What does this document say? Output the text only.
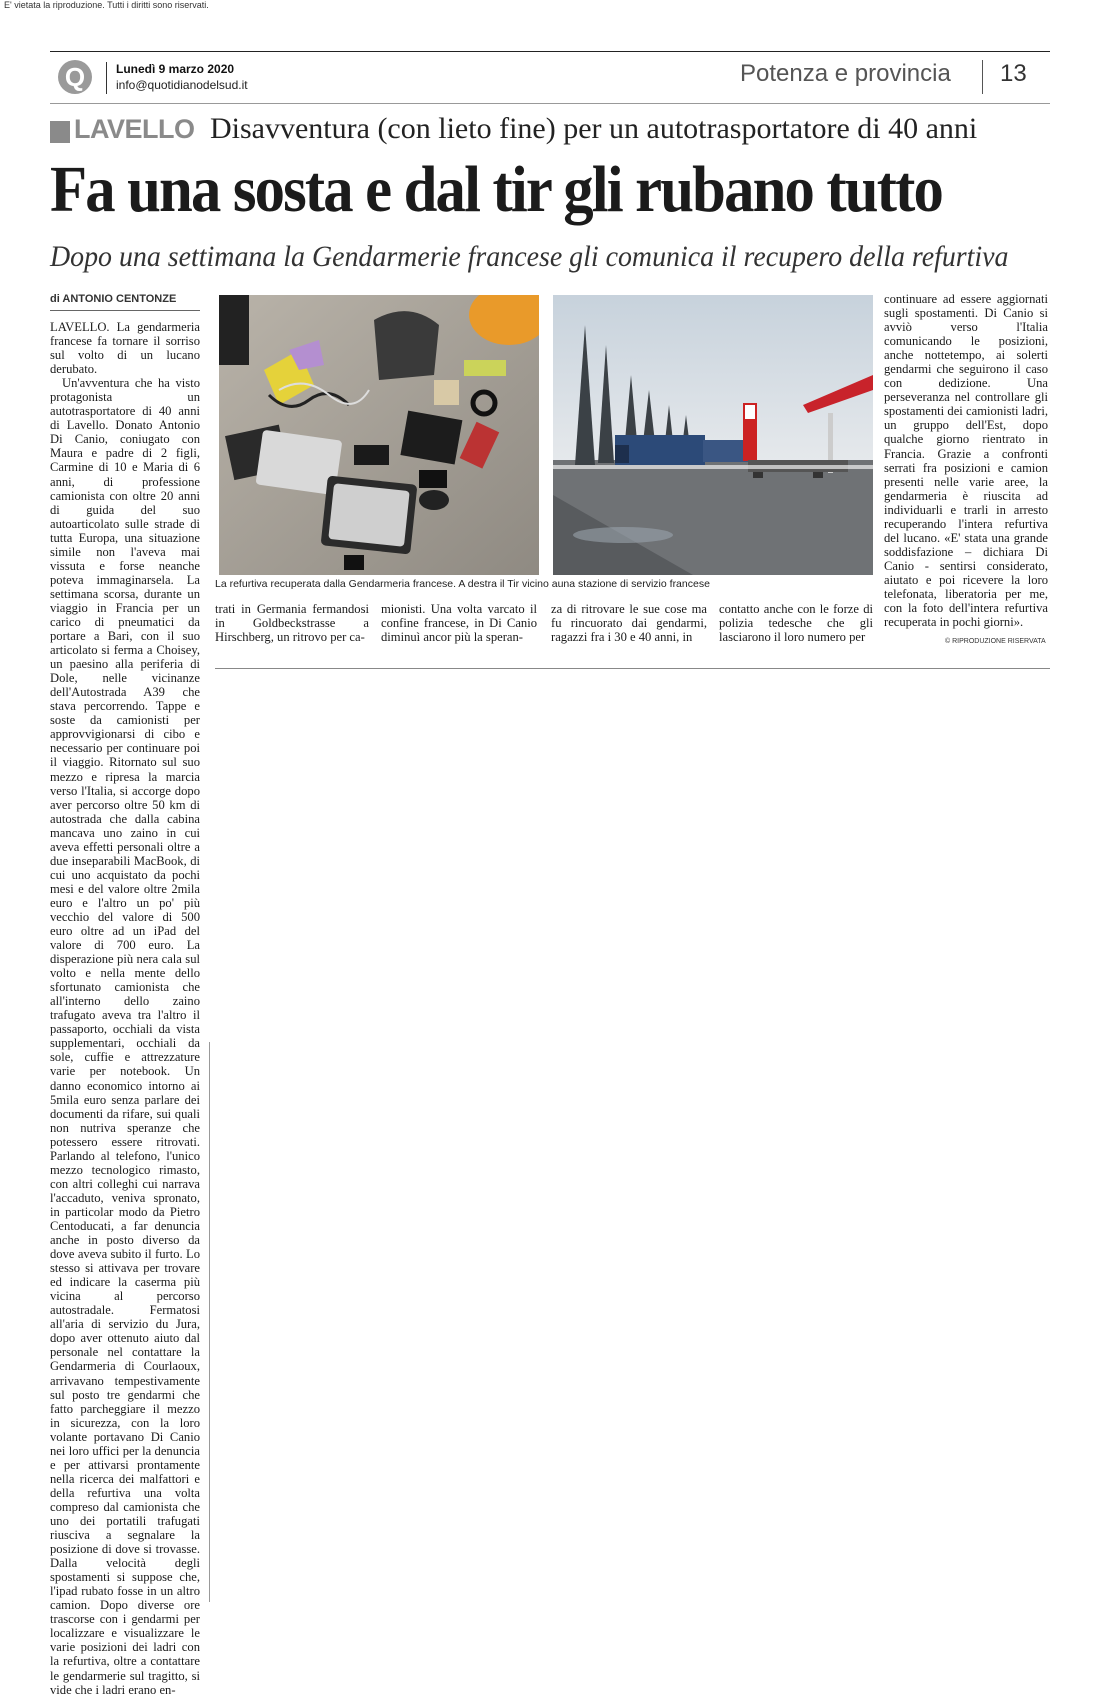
E' vietata la riproduzione. Tutti i diritti sono riservati.
Q	Lunedì 9 marzo 2020
info@quotidianodelsud.it	Potenza e provincia 13
LAVELLO Disavventura (con lieto fine) per un autotrasportatore di 40 anni
Fa una sosta e dal tir gli rubano tutto
Dopo una settimana la Gendarmerie francese gli comunica il recupero della refurtiva
di ANTONIO CENTONZE
La refurtiva recuperata dalla Gendarmeria francese. A destra il Tir vicino auna stazione di servizio francese

LAVELLO. La gendarmeria francese fa tornare il sorriso sul volto di un lucano derubato.

Un'avventura che ha visto protagonista un autotrasportatore di 40 anni di Lavello. Donato Antonio Di Canio, coniugato con Maura e padre di 2 figli, Carmine di 10 e Maria di 6 anni, di professione camionista con oltre 20 anni di guida del suo autoarticolato sulle strade di tutta Europa, una situazione simile non l'aveva mai vissuta e forse neanche poteva immaginarsela. La settimana scorsa, durante un viaggio in Francia per un carico di pneumatici da portare a Bari, con il suo articolato si ferma a Choisey, un paesino alla periferia di Dole, nelle vicinanze dell'Autostrada A39 che stava percorrendo. Tappe e soste da camionisti per approvvigionarsi di cibo e necessario per continuare poi il viaggio. Ritornato sul suo mezzo e ripresa la marcia verso l'Italia, si accorge dopo aver percorso oltre 50 km di autostrada che dalla cabina mancava uno zaino in cui aveva effetti personali oltre a due inseparabili MacBook, di cui uno acquistato da pochi mesi e del valore oltre 2mila euro e l'altro un po' più vecchio del valore di 500 euro oltre ad un iPad del valore di 700 euro. La disperazione più nera cala sul volto e nella mente dello sfortunato camionista che all'interno dello zaino trafugato aveva tra l'altro il passaporto, occhiali da vista supplementari, occhiali da sole, cuffie e attrezzature varie per notebook. Un danno economico intorno ai 5mila euro senza parlare dei documenti da rifare, sui quali non nutriva speranze che potessero essere ritrovati. Parlando al telefono, l'unico mezzo tecnologico rimasto, con altri colleghi cui narrava l'accaduto, veniva spronato, in particolar modo da Pietro Centoducati, a far denuncia anche in posto diverso da dove aveva subito il furto. Lo stesso si attivava per trovare ed indicare la caserma più vicina al percorso autostradale. Fermatosi all'aria di servizio du Jura, dopo aver ottenuto aiuto dal personale nel contattare la Gendarmeria di Courlaoux, arrivavano tempestivamente sul posto tre gendarmi che fatto parcheggiare il mezzo in sicurezza, con la loro volante portavano Di Canio nei loro uffici per la denuncia e per attivarsi prontamente nella ricerca dei malfattori e della refurtiva una volta compreso dal camionista che uno dei portatili trafugati riusciva a segnalare la posizione di dove si trovasse. Dalla velocità degli spostamenti si suppose che, l'ipad rubato fosse in un altro camion. Dopo diverse ore trascorse con i gendarmi per localizzare e visualizzare le varie posizioni dei ladri con la refurtiva, oltre a contattare le gendarmerie sul tragitto, si vide che i ladri erano en-

trati in Germania fermandosi in Goldbeckstrasse a Hirschberg, un ritrovo per ca-

mionisti. Una volta varcato il confine francese, in Di Canio diminuì ancor più la speran-

za di ritrovare le sue cose ma fu rincuorato dai gendarmi, ragazzi fra i 30 e 40 anni, in

contatto anche con le forze di polizia tedesche che gli lasciarono il loro numero per

continuare ad essere aggiornati sugli spostamenti. Di Canio si avviò verso l'Italia comunicando le posizioni, anche nottetempo, ai solerti gendarmi che seguirono il caso con dedizione. Una perseveranza nel controllare gli spostamenti dei camionisti ladri, un gruppo dell'Est, dopo qualche giorno rientrato in Francia. Grazie a confronti serrati fra posizioni e camion presenti nelle varie aree, la gendarmeria è riuscita ad individuarli e trarli in arresto recuperando l'intera refurtiva del lucano. «E' stata una grande soddisfazione – dichiara Di Canio - sentirsi considerato, aiutato e poi ricevere la loro telefonata, liberatoria per me, con la foto dell'intera refurtiva recuperata in pochi giorni».

© RIPRODUZIONE RISERVATA
